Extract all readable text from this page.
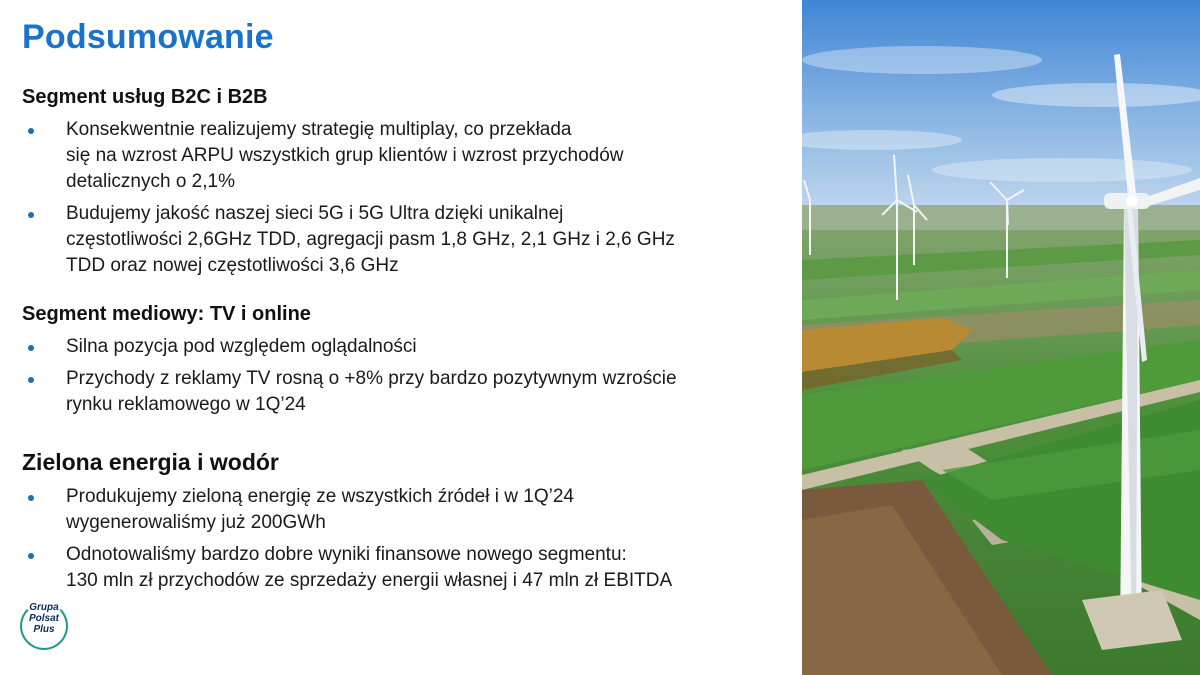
Podsumowanie
Segment usług B2C i B2B
Konsekwentnie realizujemy strategię multiplay, co przekłada
się na wzrost ARPU wszystkich grup klientów i wzrost przychodów
detalicznych o 2,1%
Budujemy jakość naszej sieci 5G i 5G Ultra dzięki unikalnej
częstotliwości 2,6GHz TDD, agregacji pasm 1,8 GHz, 2,1 GHz i 2,6 GHz
TDD oraz nowej częstotliwości 3,6 GHz
Segment mediowy: TV i online
Silna pozycja pod względem oglądalności
Przychody z reklamy TV rosną o +8% przy bardzo pozytywnym wzroście
rynku reklamowego w 1Q’24
Zielona energia i wodór
Produkujemy zieloną energię ze wszystkich źródeł i w 1Q’24
wygenerowaliśmy już 200GWh
Odnotowaliśmy bardzo dobre wyniki finansowe nowego segmentu:
130 mln zł przychodów ze sprzedaży energii własnej i 47 mln zł EBITDA
Grupa
Polsat
Plus
